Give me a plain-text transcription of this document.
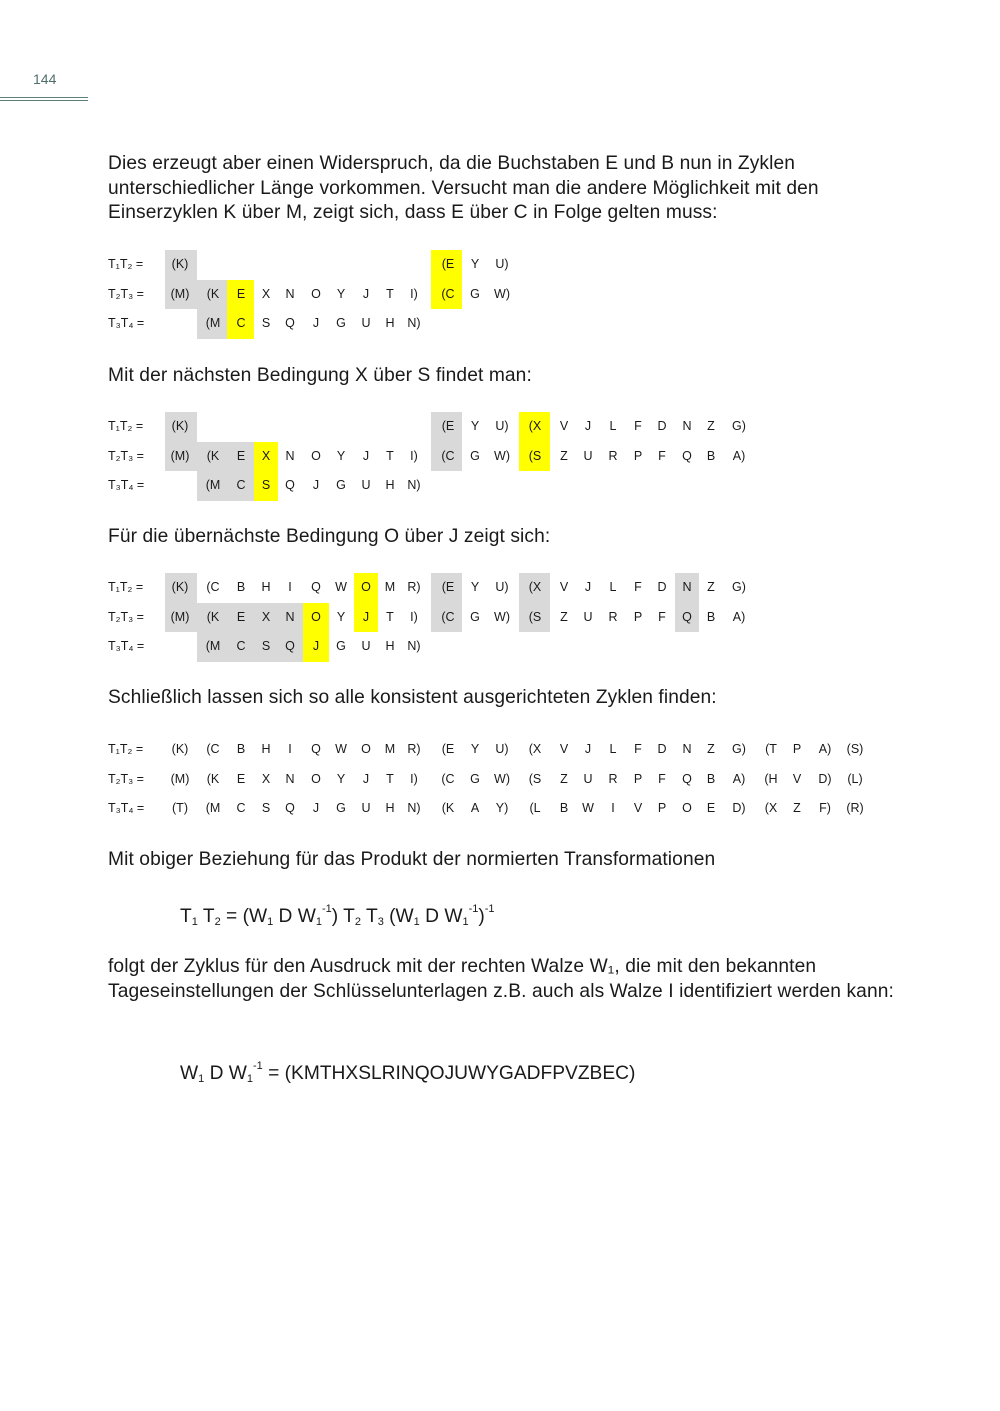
144
Dies erzeugt aber einen Widerspruch, da die Buchstaben E und B nun in Zyklen unterschiedlicher Länge vorkommen. Versucht man die andere Möglichkeit mit den Einserzyklen K über M, zeigt sich, dass E über C in Folge gelten muss:
T₁T₂ = (K)	(E Y U)
T₂T₃ = (M) (K E X N O Y J T I) (C G W)
T₃T₄ =	(M C S Q J G U H N)
Mit der nächsten Bedingung X über S findet man:
T₁T₂ = (K)	(E Y U) (X V J L F D N Z G)
T₂T₃ = (M) (K E X N O Y J T I) (C G W) (S Z U R P F Q B A)
T₃T₄ =	(M C S Q J G U H N)
Für die übernächste Bedingung O über J zeigt sich:
T₁T₂ = (K) (C B H I Q W O M R) (E Y U) (X V J L F D N Z G)
T₂T₃ = (M) (K E X N O Y J T I) (C G W) (S Z U R P F Q B A)
T₃T₄ =	(M C S Q J G U H N)
Schließlich lassen sich so alle konsistent ausgerichteten Zyklen finden:
T₁T₂ = (K) (C B H I Q W O M R) (E Y U) (X V J L F D N Z G) (T P A) (S)
T₂T₃ = (M) (K E X N O Y J T I) (C G W) (S Z U R P F Q B A) (H V D) (L)
T₃T₄ = (T) (M C S Q J G U H N) (K A Y) (L B W I V P O E D) (X Z F) (R)
Mit obiger Beziehung für das Produkt der normierten Transformationen
$T_1$ $T_2 = (W_1$ D $W_1^{-1}$) $T_2$ $T_3$ ($W_1$ D $W_1^{-1})^{-1}$
folgt der Zyklus für den Ausdruck mit der rechten Walze W₁, die mit den bekannten Tageseinstellungen der Schlüsselunterlagen z.B. auch als Walze I identifiziert werden kann:
$W_1$ D $W_1^{-1}$ = (KMTHXSLRINQOJUWYGADFPVZBEC)
